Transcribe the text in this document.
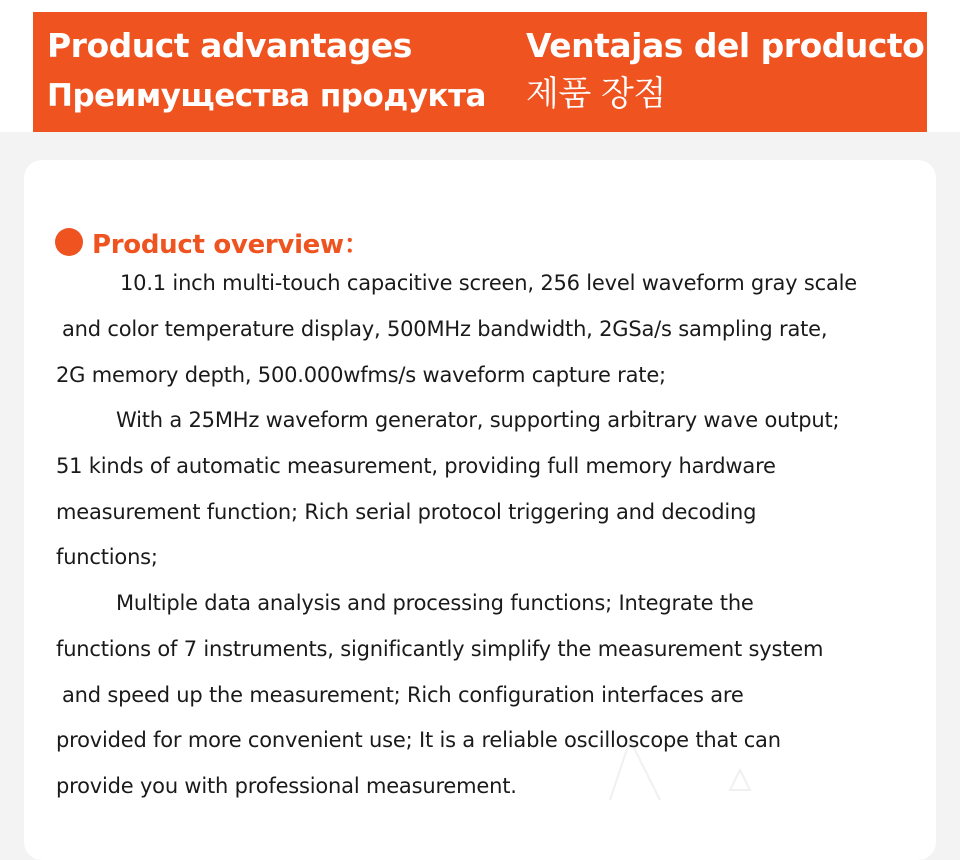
Product advantages	Ventajas del producto
Преимущества продукта 제품 장점
Product overview：
10.1 inch multi-touch capacitive screen, 256 level waveform gray scale
and color temperature display, 500MHz bandwidth, 2GSa/s sampling rate,
2G memory depth, 500.000wfms/s waveform capture rate;
With a 25MHz waveform generator, supporting arbitrary wave output;
51 kinds of automatic measurement, providing full memory hardware
measurement function; Rich serial protocol triggering and decoding
functions;
Multiple data analysis and processing functions; Integrate the
functions of 7 instruments, significantly simplify the measurement system
and speed up the measurement; Rich configuration interfaces are
provided for more convenient use; It is a reliable oscilloscope that can
provide you with professional measurement.
